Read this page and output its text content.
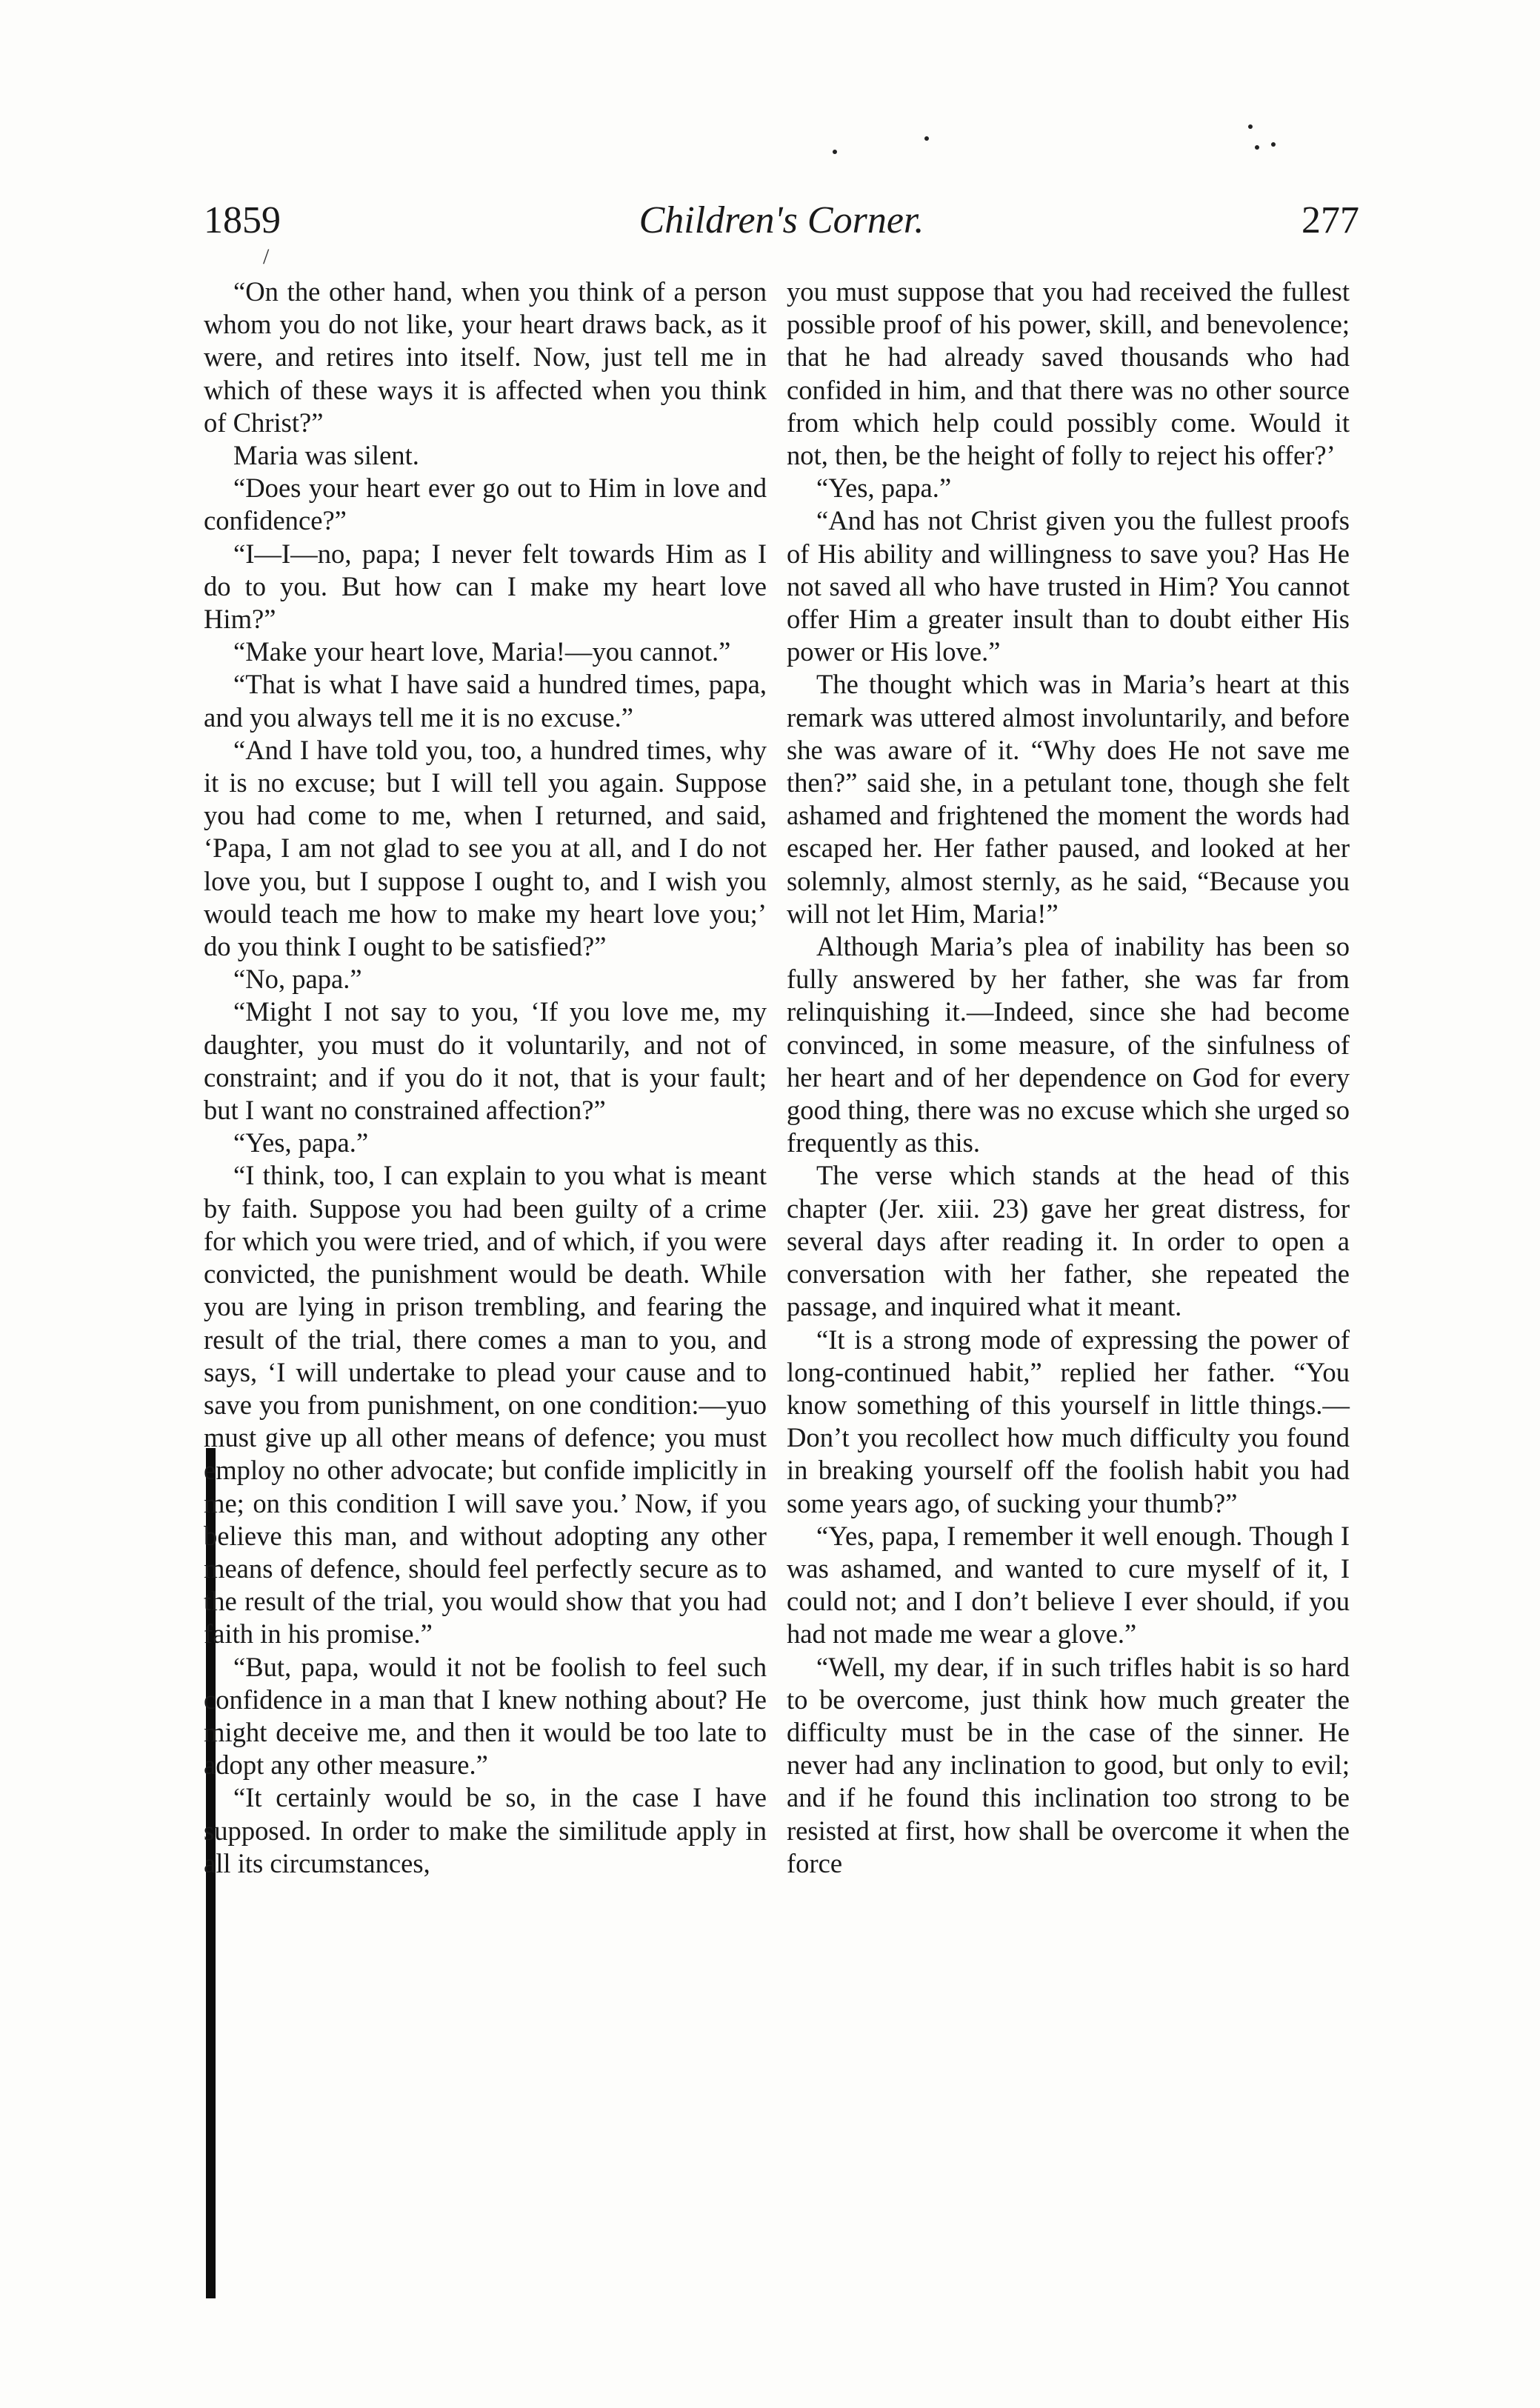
1859	Children's Corner.	277
/

“On the other hand, when you think of a person whom you do not like, your heart draws back, as it were, and retires into itself. Now, just tell me in which of these ways it is affected when you think of Christ?”

Maria was silent.

“Does your heart ever go out to Him in love and confidence?”

“I—I—no, papa; I never felt towards Him as I do to you. But how can I make my heart love Him?”

“Make your heart love, Maria!—you cannot.”

“That is what I have said a hundred times, papa, and you always tell me it is no excuse.”

“And I have told you, too, a hundred times, why it is no excuse; but I will tell you again. Suppose you had come to me, when I returned, and said, ‘Papa, I am not glad to see you at all, and I do not love you, but I suppose I ought to, and I wish you would teach me how to make my heart love you;’ do you think I ought to be satisfied?”

“No, papa.”

“Might I not say to you, ‘If you love me, my daughter, you must do it voluntarily, and not of constraint; and if you do it not, that is your fault; but I want no constrained affection?”

“Yes, papa.”

“I think, too, I can explain to you what is meant by faith. Suppose you had been guilty of a crime for which you were tried, and of which, if you were convicted, the punishment would be death. While you are lying in prison trembling, and fearing the result of the trial, there comes a man to you, and says, ‘I will undertake to plead your cause and to save you from punishment, on one condition:—yuo must give up all other means of defence; you must employ no other advocate; but confide implicitly in me; on this condition I will save you.’ Now, if you believe this man, and without adopting any other means of defence, should feel perfectly secure as to the result of the trial, you would show that you had faith in his promise.”

“But, papa, would it not be foolish to feel such confidence in a man that I knew nothing about? He might deceive me, and then it would be too late to adopt any other measure.”

“It certainly would be so, in the case I have supposed. In order to make the similitude apply in all its circumstances,

you must suppose that you had received the fullest possible proof of his power, skill, and benevolence; that he had already saved thousands who had confided in him, and that there was no other source from which help could possibly come. Would it not, then, be the height of folly to reject his offer?’

“Yes, papa.”

“And has not Christ given you the fullest proofs of His ability and willingness to save you? Has He not saved all who have trusted in Him? You cannot offer Him a greater insult than to doubt either His power or His love.”

The thought which was in Maria’s heart at this remark was uttered almost involuntarily, and before she was aware of it. “Why does He not save me then?” said she, in a petulant tone, though she felt ashamed and frightened the moment the words had escaped her. Her father paused, and looked at her solemnly, almost sternly, as he said, “Because you will not let Him, Maria!”

Although Maria’s plea of inability has been so fully answered by her father, she was far from relinquishing it.—Indeed, since she had become convinced, in some measure, of the sinfulness of her heart and of her dependence on God for every good thing, there was no excuse which she urged so frequently as this.

The verse which stands at the head of this chapter (Jer. xiii. 23) gave her great distress, for several days after reading it. In order to open a conversation with her father, she repeated the passage, and inquired what it meant.

“It is a strong mode of expressing the power of long-continued habit,” replied her father. “You know something of this yourself in little things.—Don’t you recollect how much difficulty you found in breaking yourself off the foolish habit you had some years ago, of sucking your thumb?”

“Yes, papa, I remember it well enough. Though I was ashamed, and wanted to cure myself of it, I could not; and I don’t believe I ever should, if you had not made me wear a glove.”

“Well, my dear, if in such trifles habit is so hard to be overcome, just think how much greater the difficulty must be in the case of the sinner. He never had any inclination to good, but only to evil; and if he found this inclination too strong to be resisted at first, how shall be overcome it when the force
